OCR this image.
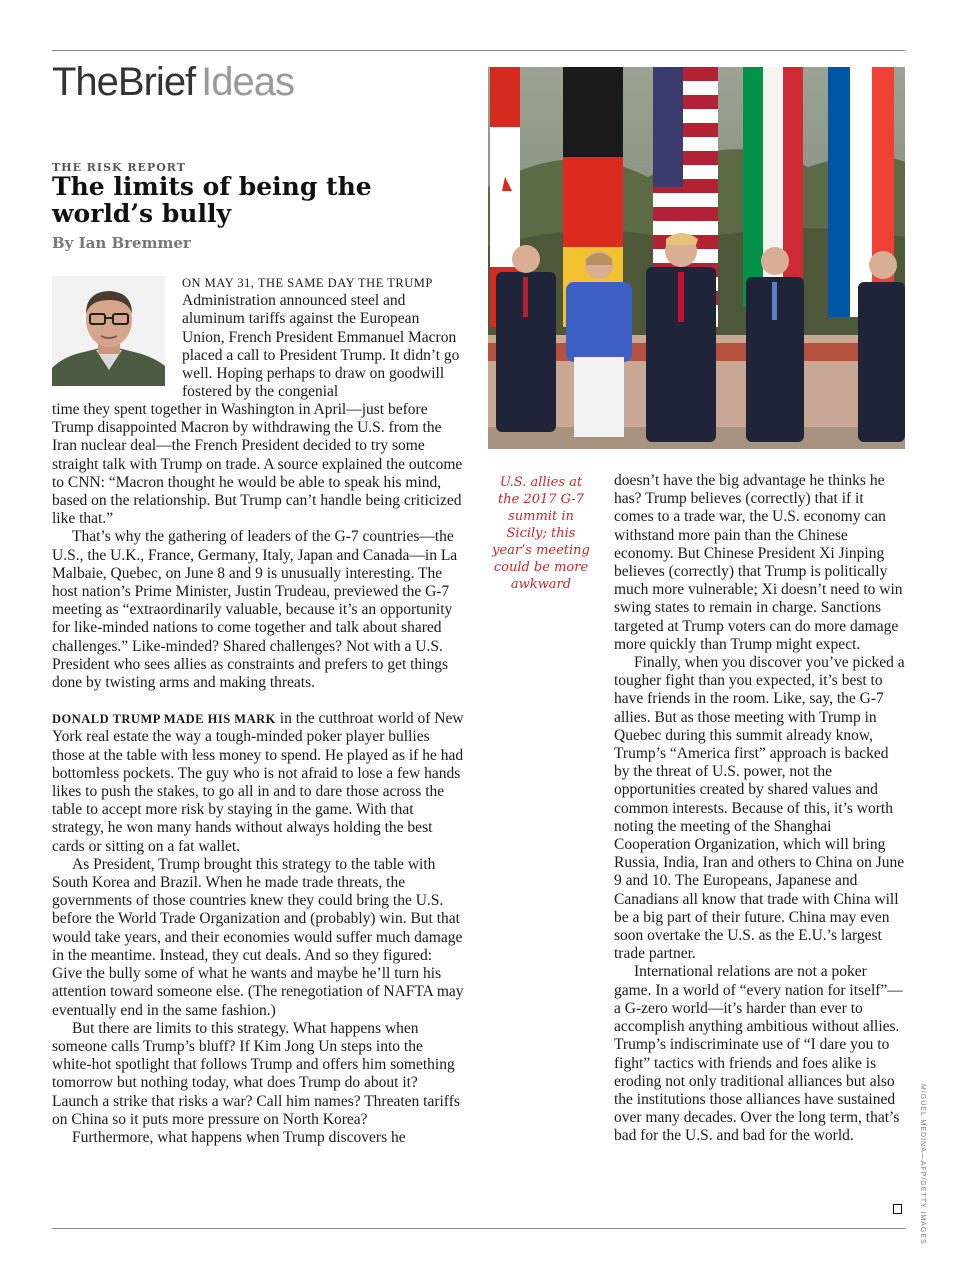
TheBrief Ideas
THE RISK REPORT
The limits of being the world’s bully
By Ian Bremmer

ON MAY 31, THE SAME DAY THE TRUMP Administration announced steel and aluminum tariffs against the European Union, French President Emmanuel Macron placed a call to President Trump. It didn’t go well. Hoping perhaps to draw on goodwill fostered by the congenial

time they spent together in Washington in April—just before Trump disappointed Macron by withdrawing the U.S. from the Iran nuclear deal—the French President decided to try some straight talk with Trump on trade. A source explained the outcome to CNN: “Macron thought he would be able to speak his mind, based on the relationship. But Trump can’t handle being criticized like that.”

That’s why the gathering of leaders of the G-7 countries—the U.S., the U.K., France, Germany, Italy, Japan and Canada—in La Malbaie, Quebec, on June 8 and 9 is unusually interesting. The host nation’s Prime Minister, Justin Trudeau, previewed the G-7 meeting as “extraordinarily valuable, because it’s an opportunity for like-minded nations to come together and talk about shared challenges.” Like-minded? Shared challenges? Not with a U.S. President who sees allies as constraints and prefers to get things done by twisting arms and making threats.

DONALD TRUMP MADE HIS MARK in the cutthroat world of New York real estate the way a tough-minded poker player bullies those at the table with less money to spend. He played as if he had bottomless pockets. The guy who is not afraid to lose a few hands likes to push the stakes, to go all in and to dare those across the table to accept more risk by staying in the game. With that strategy, he won many hands without always holding the best cards or sitting on a fat wallet.

As President, Trump brought this strategy to the table with South Korea and Brazil. When he made trade threats, the governments of those countries knew they could bring the U.S. before the World Trade Organization and (probably) win. But that would take years, and their economies would suffer much damage in the meantime. Instead, they cut deals. And so they figured: Give the bully some of what he wants and maybe he’ll turn his attention toward someone else. (The renegotiation of NAFTA may eventually end in the same fashion.)

But there are limits to this strategy. What happens when someone calls Trump’s bluff? If Kim Jong Un steps into the white-hot spotlight that follows Trump and offers him something tomorrow but nothing today, what does Trump do about it? Launch a strike that risks a war? Call him names? Threaten tariffs on China so it puts more pressure on North Korea?

Furthermore, what happens when Trump discovers he

U.S. allies at the 2017 G-7 summit in Sicily; this year’s meeting could be more awkward

doesn’t have the big advantage he thinks he has? Trump believes (correctly) that if it comes to a trade war, the U.S. economy can withstand more pain than the Chinese economy. But Chinese President Xi Jinping believes (correctly) that Trump is politically much more vulnerable; Xi doesn’t need to win swing states to remain in charge. Sanctions targeted at Trump voters can do more damage more quickly than Trump might expect.

Finally, when you discover you’ve picked a tougher fight than you expected, it’s best to have friends in the room. Like, say, the G-7 allies. But as those meeting with Trump in Quebec during this summit already know, Trump’s “America first” approach is backed by the threat of U.S. power, not the opportunities created by shared values and common interests. Because of this, it’s worth noting the meeting of the Shanghai Cooperation Organization, which will bring Russia, India, Iran and others to China on June 9 and 10. The Europeans, Japanese and Canadians all know that trade with China will be a big part of their future. China may even soon overtake the U.S. as the E.U.’s largest trade partner.

International relations are not a poker game. In a world of “every nation for itself”—a G-zero world—it’s harder than ever to accomplish anything ambitious without allies. Trump’s indiscriminate use of “I dare you to fight” tactics with friends and foes alike is eroding not only traditional alliances but also the institutions those alliances have sustained over many decades. Over the long term, that’s bad for the U.S. and bad for the world.	MIGUEL MEDINA—AFP/GETTY IMAGES
